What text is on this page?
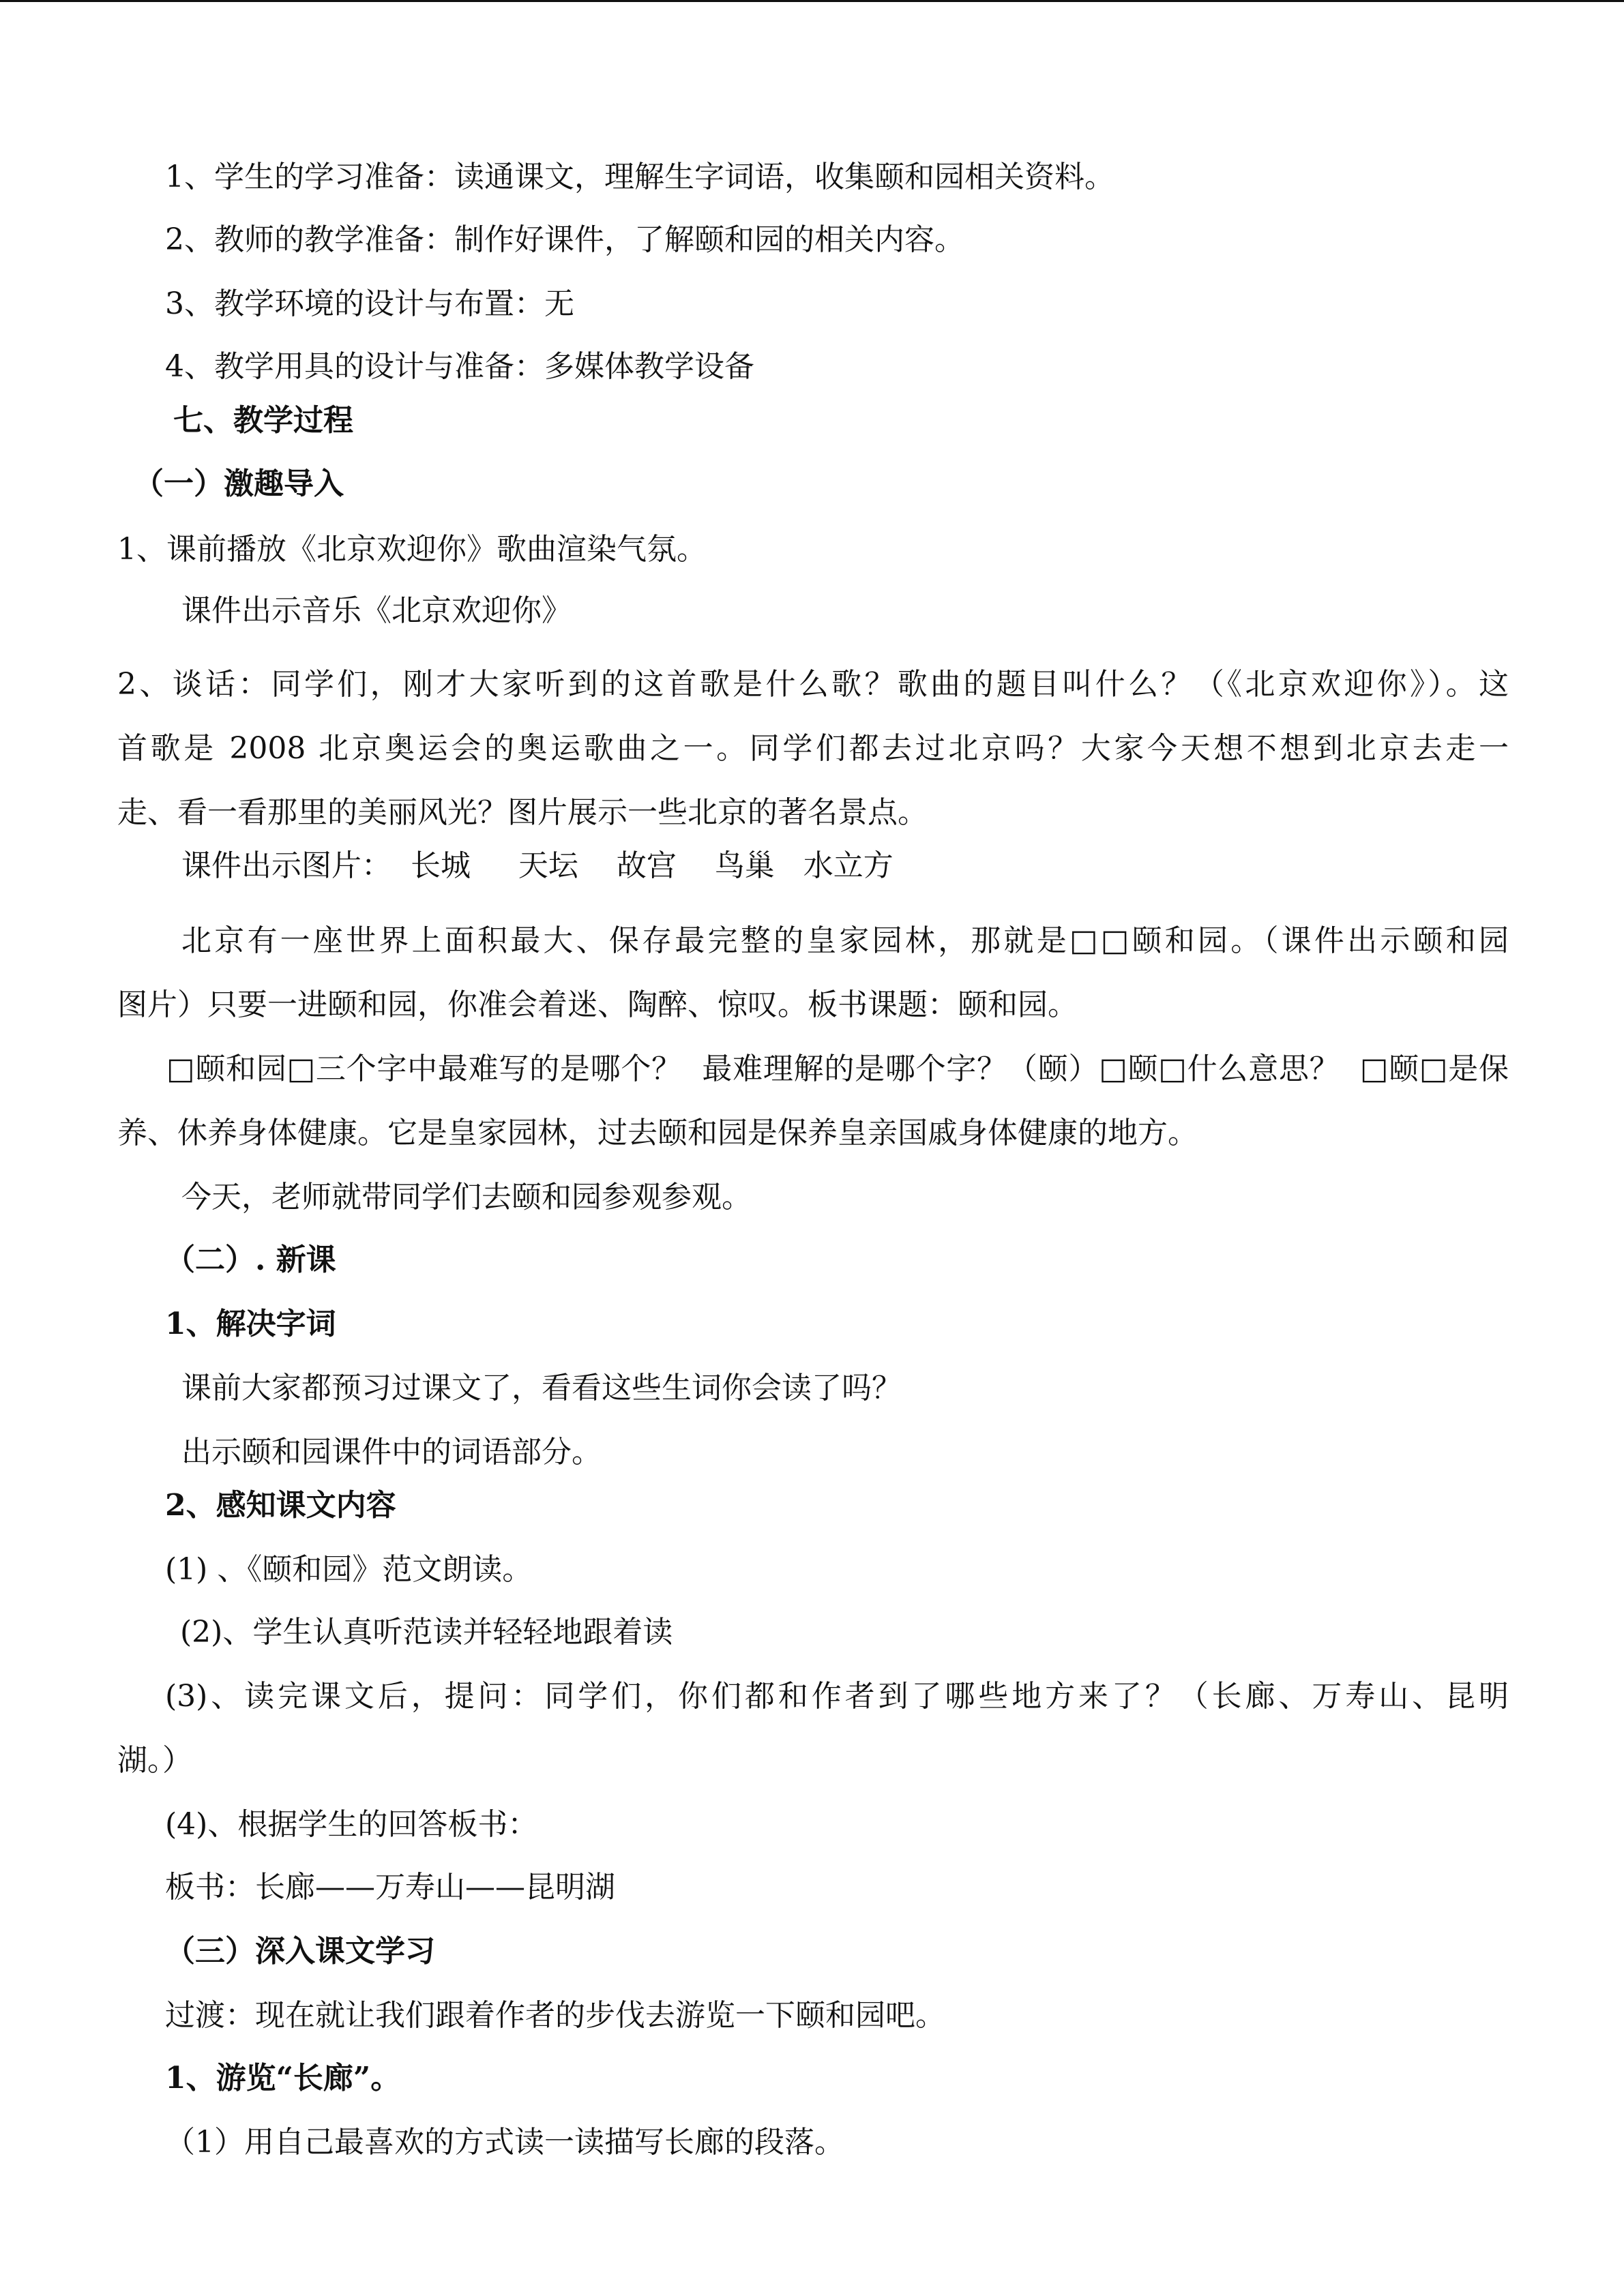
1、学生的学习准备：读通课文，理解生字词语，收集颐和园相关资料。

2、教师的教学准备：制作好课件，了解颐和园的相关内容。

3、教学环境的设计与布置：无

4、教学用具的设计与准备：多媒体教学设备

七、教学过程

（一）激趣导入

1、课前播放《北京欢迎你》歌曲渲染气氛。

课件出示音乐《北京欢迎你》

2、谈话：同学们，刚才大家听到的这首歌是什么歌？歌曲的题目叫什么？（《北京欢迎你》）。这

首歌是 2008 北京奥运会的奥运歌曲之一。同学们都去过北京吗？大家今天想不想到北京去走一

走、看一看那里的美丽风光？图片展示一些北京的著名景点。

课件出示图片：  长城     天坛    故宫    鸟巢   水立方

北京有一座世界上面积最大、保存最完整的皇家园林，那就是□□颐和园。（课件出示颐和园

图片）只要一进颐和园，你准会着迷、陶醉、惊叹。板书课题：颐和园。

□颐和园□三个字中最难写的是哪个？  最难理解的是哪个字？（颐）□颐□什么意思？  □颐□是保

养、休养身体健康。它是皇家园林，过去颐和园是保养皇亲国戚身体健康的地方。

今天，老师就带同学们去颐和园参观参观。

（二）. 新课

1、解决字词

课前大家都预习过课文了，看看这些生词你会读了吗？

出示颐和园课件中的词语部分。

2、感知课文内容

(1) 、《颐和园》范文朗读。

(2)、学生认真听范读并轻轻地跟着读

(3)、读完课文后，提问：同学们，你们都和作者到了哪些地方来了？（长廊、万寿山、昆明

湖。）

(4)、根据学生的回答板书：

板书：长廊——万寿山——昆明湖

（三）深入课文学习

过渡：现在就让我们跟着作者的步伐去游览一下颐和园吧。

1、游览“长廊”。

（1）用自己最喜欢的方式读一读描写长廊的段落。
